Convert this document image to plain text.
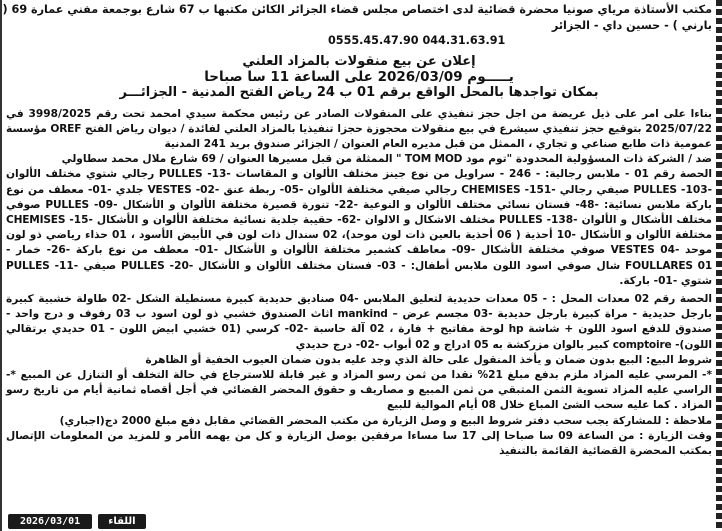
مكتب الأستاذة مرياي صونيا محضرة قضائية لدى اختصاص مجلس قضاء الجزائر الكائن مكتبها ب 67 شارع بوجمعة مفني عمارة 69 (
بارني ) - حسين داي - الجزائر
0555.45.47.90 044.31.63.91
إعلان عن بيع منقولات بالمزاد العلني
يـــــوم 2026/03/09 على الساعة 11 سا صباحا
بمكان تواجدها بالمحل الواقع برقم 01 ب 24 رياض الفتح المدنية - الجزائـــر

بناءا على امر على ذيل عريضة من اجل حجز تنفيذي على المنقولات الصادر عن رئيس محكمة سيدي امحمد تحت رقم 3998/2025 في 2025/07/22 بتوقيع حجز تنفيذي سيشرع في بيع منقولات محجوزة حجزا تنفيذيا بالمزاد العلني لفائدة / ديوان رياض الفتح OREF مؤسسة عمومية ذات طابع صناعي و تجاري ، الممثل من قبل مديره العام العنوان / الجزائر صندوق بريد 241 المدنية

ضد / الشركة ذات المسؤولية المحدودة "توم مود TOM MOD " الممثلة من قبل مسيرها العنوان / 69 شارع ملال محمد سطاولي

الحصة رقم 01 - ملابس رجالية: - 246 - سراويل من نوع جينز مختلف الألوان و المقاسات -13- PULLES رجالي شتوي مختلف الألوان -103- PULLES صيفي رجالي -151- CHEMISES رجالي صيفي مختلفة الألوان -05- ربطة عنق -02- VESTES جلدي -01- معطف من نوع باركة ملابس نسائية: -48- فستان نسائي مختلف الألوان و النوعية -22- تنورة قصيرة مختلفة الألوان و الأشكال -09- PULLES صوفي مختلف الأشكال و الألوان -138- PULLES مختلف الاشكال و الالوان -62- حقيبة جلدية نسائية مختلفة الألوان و الأشكال -15- CHEMISES مختلفة الألوان و الأشكال -10 أحذية ( 06 أحذية بالعين ذات لون موحد)، 02 سندال ذات لون في الأبيض الأسود ، 01 حذاء رياضي ذو لون موحد -04 VESTES صوفي مختلفة الأشكال -09- معاطف كشمير مختلفة الألوان و الأشكال -01- معطف من نوع باركة -26- خمار - FOULLARES 01 شال صوفي اسود اللون ملابس أطفال: - 03- فستان مختلف الألوان و الأشكال -20- PULLES صيفي -11- PULLES شتوي -01- باركة.

الحصة رقم 02 معدات المحل : - 05 معدات حديدية لتعليق الملابس -04 صناديق حديدية كبيرة مستطيلة الشكل -02 طاولة خشبية كبيرة بارجل حديدية - مراة كبيرة بارجل حديدية -03 مجسم عرض – mankind اثاث الصندوق خشبي ذو لون اسود ب 03 رفوف و درج واحد - صندوق للدفع اسود اللون + شاشة hp لوحة مفاتيح + فارة ، 02 آلة حاسبة -02- كرسي (01 خشبي ابيض اللون - 01 حديدي برتقالي اللون)- comptoire كبير بالوان مزركشة به 05 ادراج و 02 أبواب -02- درج حديدي

شروط البيع: البيع بدون ضمان و يأخذ المنقول على حالة الذي وجد عليه بدون ضمان العيوب الخفية أو الظاهرة

*- المرسي عليه المزاد ملزم بدفع مبلغ 21% نقدا من ثمن رسو المزاد و غير قابلة للاسترجاع في حالة التخلف أو التنازل عن المبيع *- الراسي عليه المزاد تسوية الثمن المتبقي من ثمن المبيع و مصاريف و حقوق المحضر القضائي في أجل أقصاه ثمانية أيام من تاريخ رسو المزاد . كما عليه سحب الشئ المباع خلال 08 أيام الموالية للبيع

ملاحظة : للمشاركة يجب سحب دفتر شروط البيع و وصل الزيارة من مكتب المحضر القضائي مقابل دفع مبلغ 2000 دج(اجباري)

وقت الزيارة : من الساعة 09 سا صباحا إلى 17 سا مساءا مرفقين بوصل الزيارة و كل من يهمه الأمر و للمزيد من المعلومات الإتصال بمكتب المحضرة القضائية القائمة بالتنفيذ

2026/03/01	اللقاء
